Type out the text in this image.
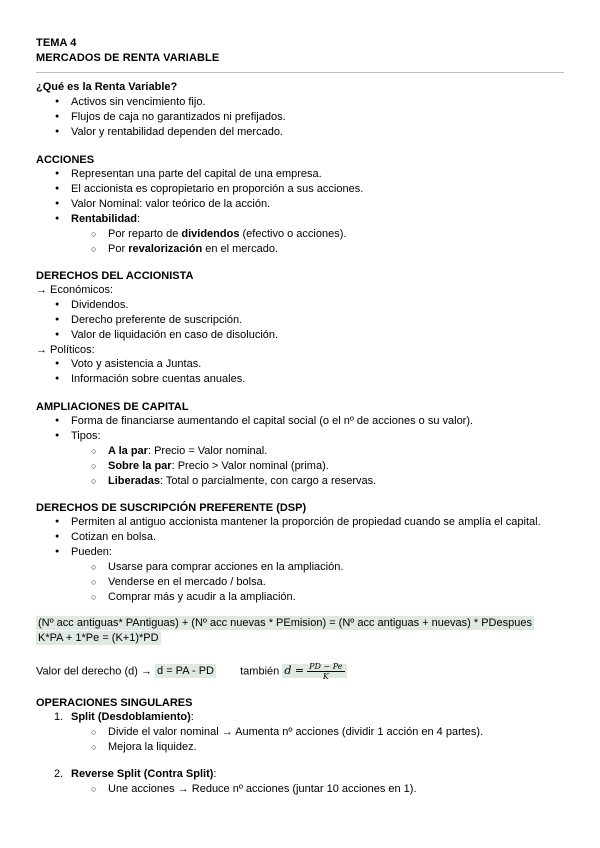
TEMA 4
MERCADOS DE RENTA VARIABLE
¿Qué es la Renta Variable?
● Activos sin vencimiento fijo.
● Flujos de caja no garantizados ni prefijados.
● Valor y rentabilidad dependen del mercado.
ACCIONES
● Representan una parte del capital de una empresa.
● El accionista es copropietario en proporción a sus acciones.
● Valor Nominal: valor teórico de la acción.
● Rentabilidad:
○ Por reparto de dividendos (efectivo o acciones).
○ Por revalorización en el mercado.
DERECHOS DEL ACCIONISTA
→ Económicos:
● Dividendos.
● Derecho preferente de suscripción.
● Valor de liquidación en caso de disolución.
→ Políticos:
● Voto y asistencia a Juntas.
● Información sobre cuentas anuales.
AMPLIACIONES DE CAPITAL
● Forma de financiarse aumentando el capital social (o el nº de acciones o su valor).
● Tipos:
○ A la par: Precio = Valor nominal.
○ Sobre la par: Precio > Valor nominal (prima).
○ Liberadas: Total o parcialmente, con cargo a reservas.
DERECHOS DE SUSCRIPCIÓN PREFERENTE (DSP)
● Permiten al antiguo accionista mantener la proporción de propiedad cuando se amplía el capital.
● Cotizan en bolsa.
● Pueden:
○ Usarse para comprar acciones en la ampliación.
○ Venderse en el mercado / bolsa.
○ Comprar más y acudir a la ampliación.
(Nº acc antiguas* PAntiguas) + (Nº acc nuevas * PEmision) = (Nº acc antiguas + nuevas) * PDespues
K*PA + 1*Pe = (K+1)*PD
Valor del derecho (d) → d = PA - PD también $d = \frac{PD - Pe}{K}$
OPERACIONES SINGULARES
1. Split (Desdoblamiento):
○ Divide el valor nominal → Aumenta nº acciones (dividir 1 acción en 4 partes).
○ Mejora la liquidez.
2. Reverse Split (Contra Split):
○ Une acciones → Reduce nº acciones (juntar 10 acciones en 1).
